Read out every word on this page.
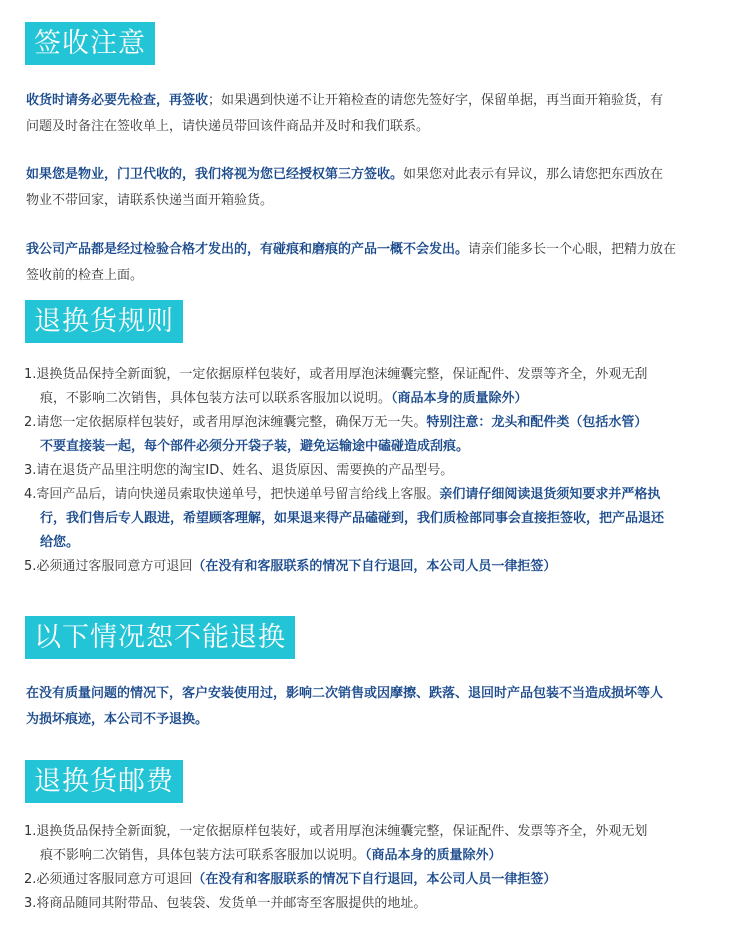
签收注意
收货时请务必要先检查，再签收；如果遇到快递不让开箱检查的请您先签好字，保留单据，再当面开箱验货，有
问题及时备注在签收单上，请快递员带回该件商品并及时和我们联系。
如果您是物业，门卫代收的，我们将视为您已经授权第三方签收。如果您对此表示有异议，那么请您把东西放在
物业不带回家，请联系快递当面开箱验货。
我公司产品都是经过检验合格才发出的，有碰痕和磨痕的产品一概不会发出。请亲们能多长一个心眼，把精力放在
签收前的检查上面。
退换货规则
1.退换货品保持全新面貌，一定依据原样包装好，或者用厚泡沫缠囊完整，保证配件、发票等齐全，外观无刮
痕，不影响二次销售，具体包装方法可以联系客服加以说明。（商品本身的质量除外）
2.请您一定依据原样包装好，或者用厚泡沫缠囊完整，确保万无一失。特别注意：龙头和配件类（包括水管）
不要直接装一起，每个部件必须分开袋子装，避免运输途中磕碰造成刮痕。
3.请在退货产品里注明您的淘宝ID、姓名、退货原因、需要换的产品型号。
4.寄回产品后，请向快递员索取快递单号，把快递单号留言给线上客服。亲们请仔细阅读退货须知要求并严格执
行，我们售后专人跟进，希望顾客理解，如果退来得产品磕碰到，我们质检部同事会直接拒签收，把产品退还
给您。
5.必须通过客服同意方可退回（在没有和客服联系的情况下自行退回，本公司人员一律拒签）
以下情况恕不能退换
在没有质量问题的情况下，客户安装使用过，影响二次销售或因摩擦、跌落、退回时产品包装不当造成损坏等人
为损坏痕迹，本公司不予退换。
退换货邮费
1.退换货品保持全新面貌，一定依据原样包装好，或者用厚泡沫缠囊完整，保证配件、发票等齐全，外观无划
痕不影响二次销售，具体包装方法可联系客服加以说明。（商品本身的质量除外）
2.必须通过客服同意方可退回（在没有和客服联系的情况下自行退回，本公司人员一律拒签）
3.将商品随同其附带品、包装袋、发货单一并邮寄至客服提供的地址。
